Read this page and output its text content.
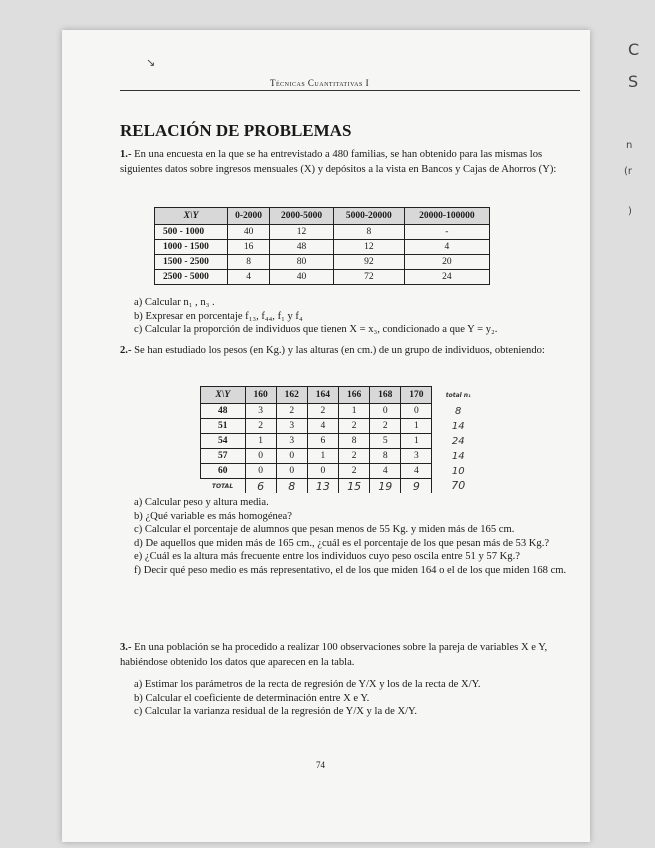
↘
Técnicas Cuantitativas I
RELACIÓN DE PROBLEMAS
1.- En una encuesta en la que se ha entrevistado a 480 familias, se han obtenido para las mismas los siguientes datos sobre ingresos mensuales (X) y depósitos a la vista en Bancos y Cajas de Ahorros (Y):
X\Y	0-2000	2000-5000	5000-20000	20000-100000
500 - 1000	40	12	8	-
1000 - 1500	16	48	12	4
1500 - 2500	8	80	92	20
2500 - 5000	4	40	72	24
a) Calcular n₁ , n₃ .
b) Expresar en porcentaje f₁₃, f₄₄, f₁ y f₄
c) Calcular la proporción de individuos que tienen X = x₃, condicionado a que Y = y₂.
2.- Se han estudiado los pesos (en Kg.) y las alturas (en cm.) de un grupo de individuos, obteniendo:
X\Y	160	162	164	166	168	170	total n₁
48	3	2	2	1	0	0	8
51	2	3	4	2	2	1	14
54	1	3	6	8	5	1	24
57	0	0	1	2	8	3	14
60	0	0	0	2	4	4	10
TOTAL	6	8	13	15	19	9	70
a) Calcular peso y altura media.
b) ¿Qué variable es más homogénea?
c) Calcular el porcentaje de alumnos que pesan menos de 55 Kg. y miden más de 165 cm.
d) De aquellos que miden más de 165 cm., ¿cuál es el porcentaje de los que pesan más de 53 Kg.?
e) ¿Cuál es la altura más frecuente entre los individuos cuyo peso oscila entre 51 y 57 Kg.?
f) Decir qué peso medio es más representativo, el de los que miden 164 o el de los que miden 168 cm.
3.- En una población se ha procedido a realizar 100 observaciones sobre la pareja de variables X e Y, habiéndose obtenido los datos que aparecen en la tabla.
a) Estimar los parámetros de la recta de regresión de Y/X y los de la recta de X/Y.
b) Calcular el coeficiente de determinación entre X e Y.
c) Calcular la varianza residual de la regresión de Y/X y la de X/Y.
74
C
S
n
(r
)
